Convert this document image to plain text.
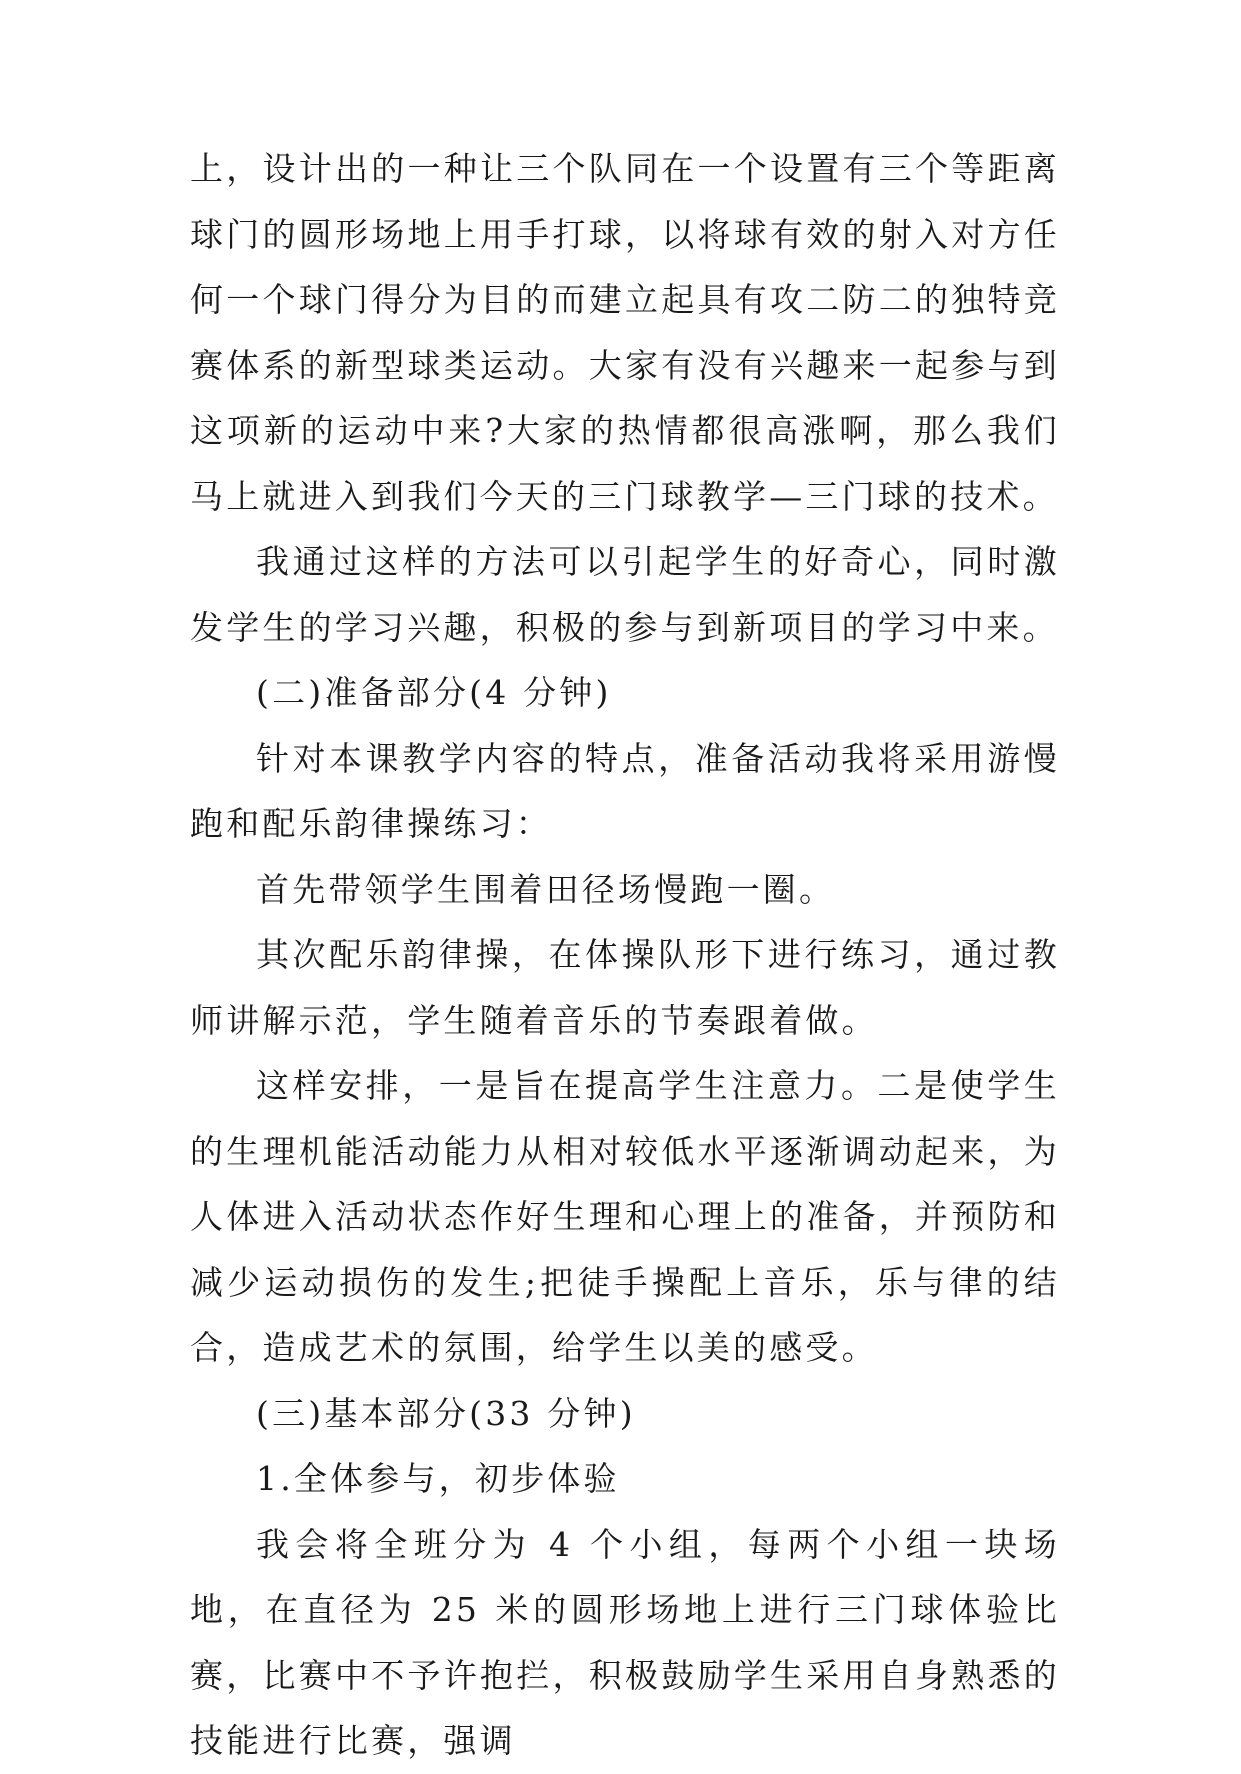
上，设计出的一种让三个队同在一个设置有三个等距离球门的圆形场地上用手打球，以将球有效的射入对方任何一个球门得分为目的而建立起具有攻二防二的独特竞赛体系的新型球类运动。大家有没有兴趣来一起参与到这项新的运动中来?大家的热情都很高涨啊，那么我们马上就进入到我们今天的三门球教学—三门球的技术。

我通过这样的方法可以引起学生的好奇心，同时激发学生的学习兴趣，积极的参与到新项目的学习中来。

(二)准备部分(4 分钟)

针对本课教学内容的特点，准备活动我将采用游慢跑和配乐韵律操练习：

首先带领学生围着田径场慢跑一圈。

其次配乐韵律操，在体操队形下进行练习，通过教师讲解示范，学生随着音乐的节奏跟着做。

这样安排，一是旨在提高学生注意力。二是使学生的生理机能活动能力从相对较低水平逐渐调动起来，为人体进入活动状态作好生理和心理上的准备，并预防和减少运动损伤的发生;把徒手操配上音乐，乐与律的结合，造成艺术的氛围，给学生以美的感受。

(三)基本部分(33 分钟)

1.全体参与，初步体验

我会将全班分为 4 个小组，每两个小组一块场地，在直径为 25 米的圆形场地上进行三门球体验比赛，比赛中不予许抱拦，积极鼓励学生采用自身熟悉的技能进行比赛，强调
